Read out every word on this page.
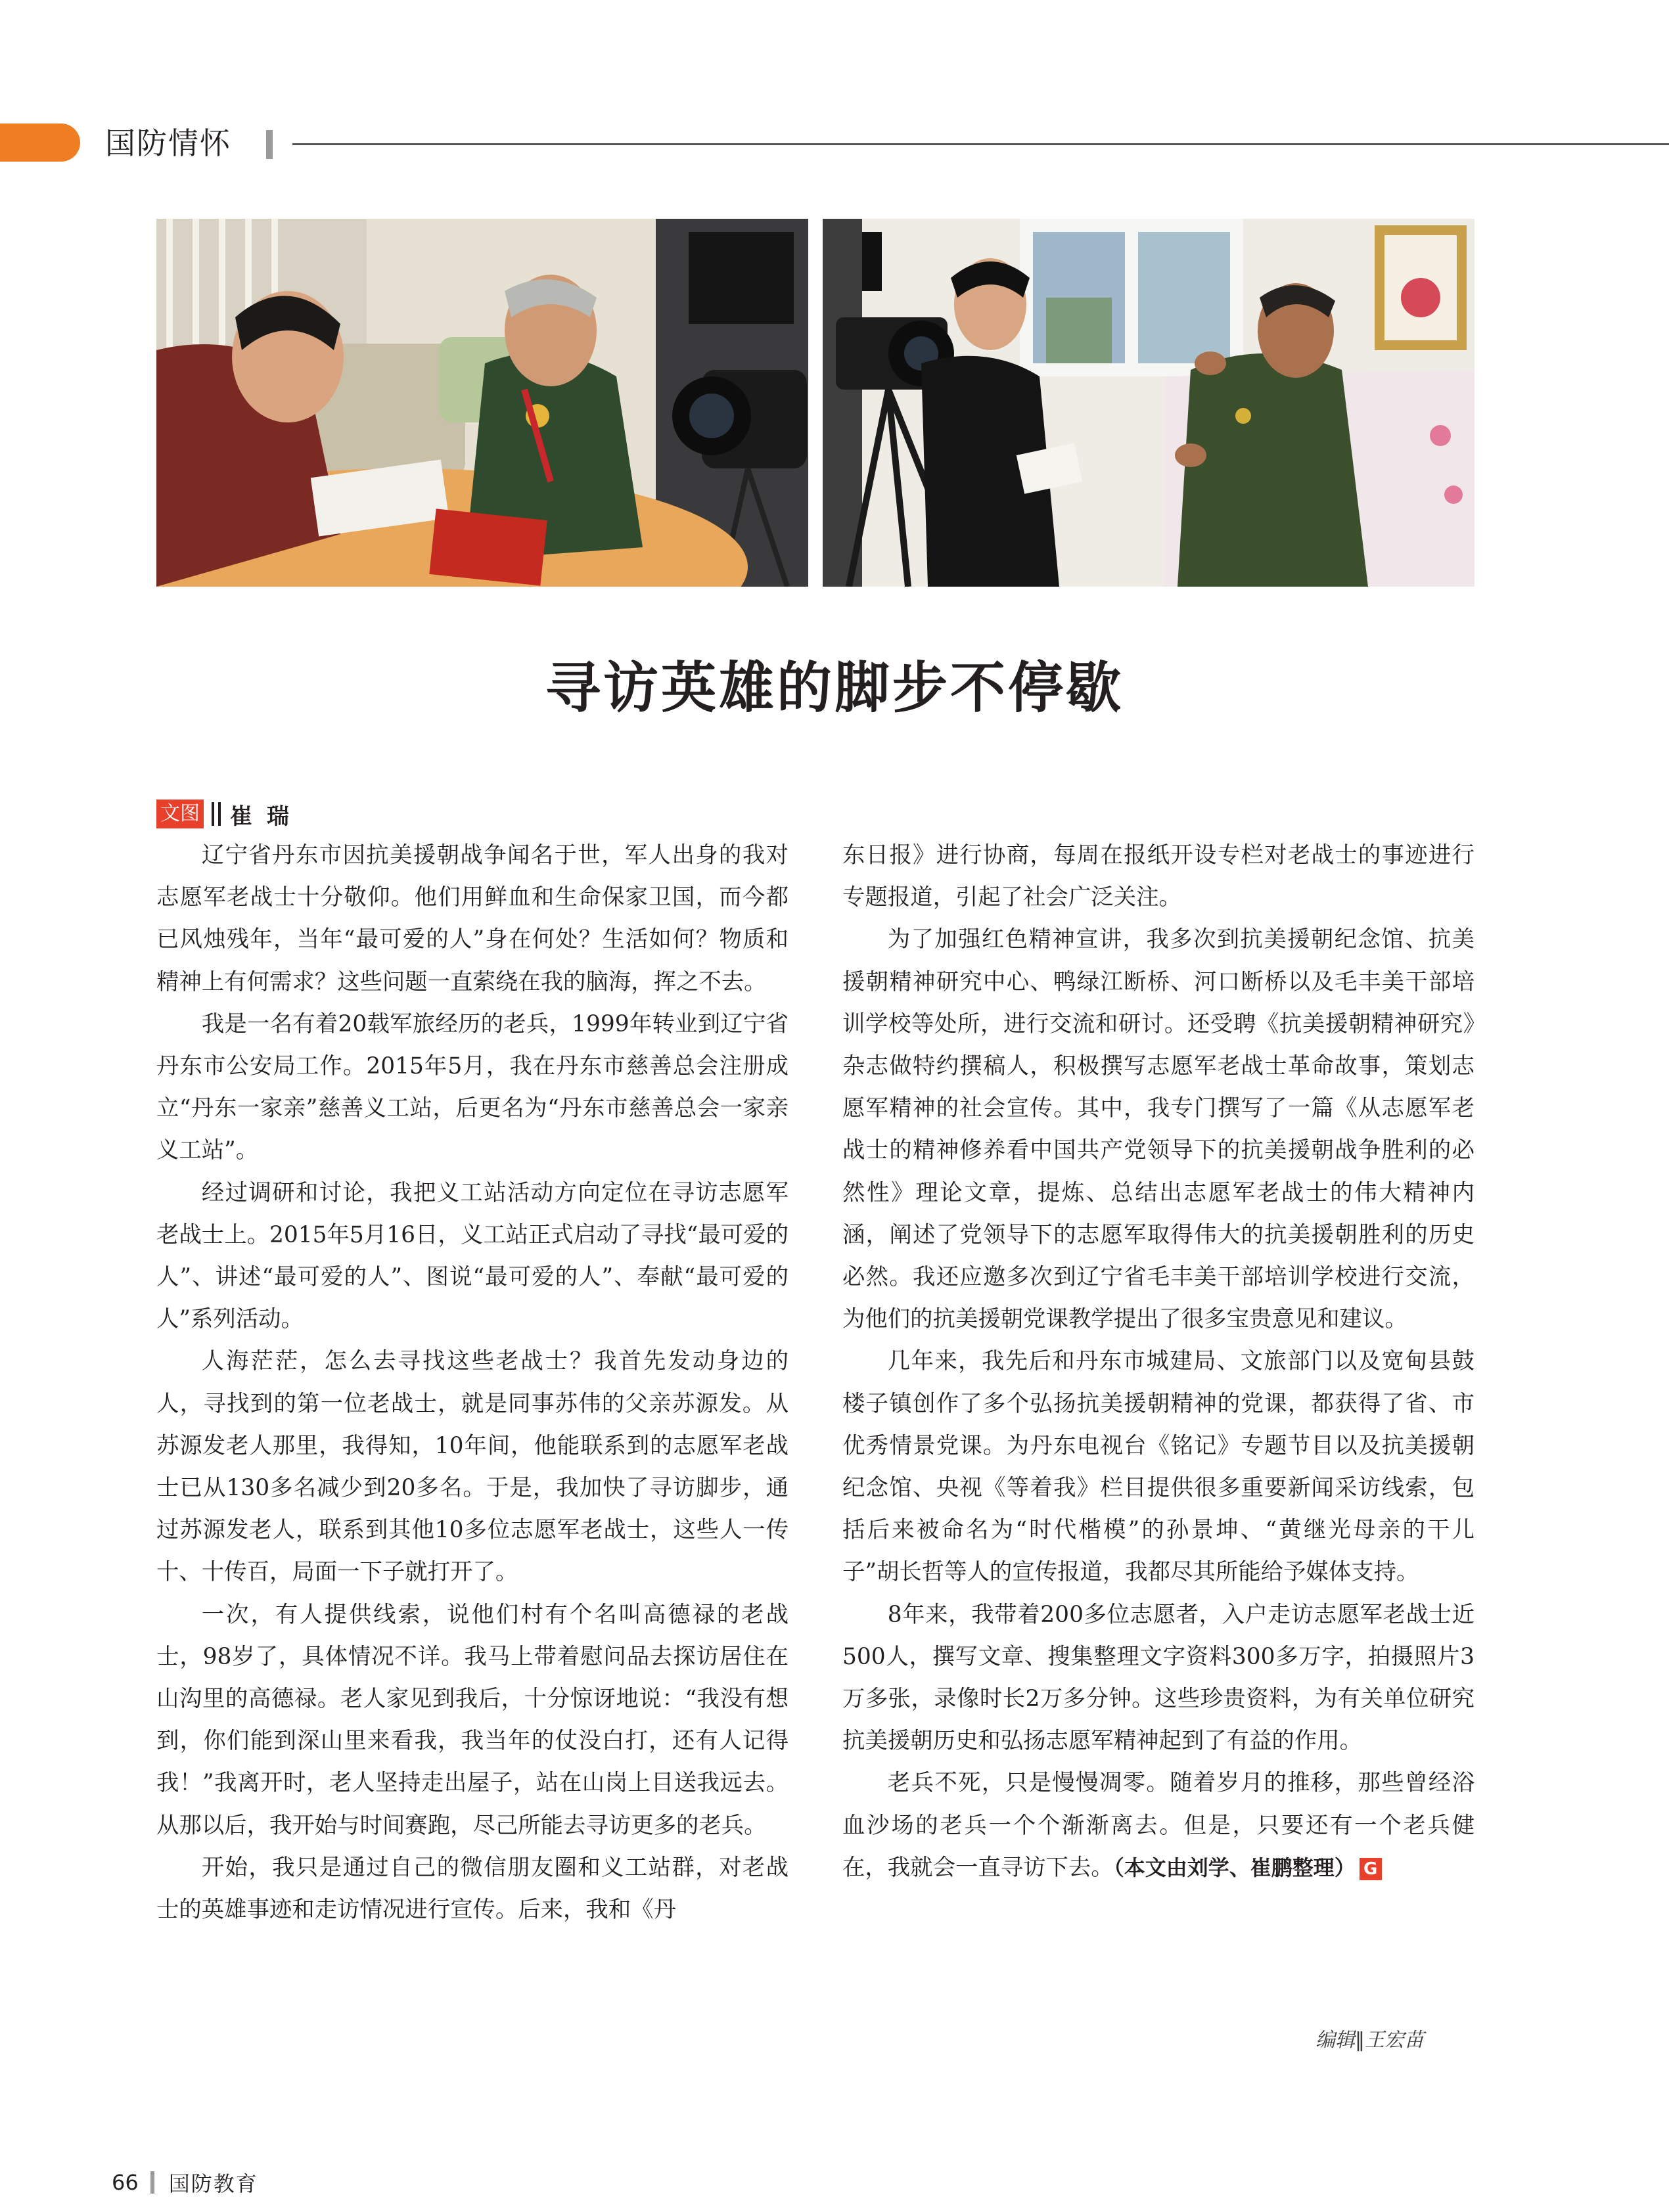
国防情怀
寻访英雄的脚步不停歇
文图 崔瑞

辽宁省丹东市因抗美援朝战争闻名于世，军人出身的我对志愿军老战士十分敬仰。他们用鲜血和生命保家卫国，而今都已风烛残年，当年“最可爱的人”身在何处？生活如何？物质和精神上有何需求？这些问题一直萦绕在我的脑海，挥之不去。

我是一名有着20载军旅经历的老兵，1999年转业到辽宁省丹东市公安局工作。2015年5月，我在丹东市慈善总会注册成立“丹东一家亲”慈善义工站，后更名为“丹东市慈善总会一家亲义工站”。

经过调研和讨论，我把义工站活动方向定位在寻访志愿军老战士上。2015年5月16日，义工站正式启动了寻找“最可爱的人”、讲述“最可爱的人”、图说“最可爱的人”、奉献“最可爱的人”系列活动。

人海茫茫，怎么去寻找这些老战士？我首先发动身边的人，寻找到的第一位老战士，就是同事苏伟的父亲苏源发。从苏源发老人那里，我得知，10年间，他能联系到的志愿军老战士已从130多名减少到20多名。于是，我加快了寻访脚步，通过苏源发老人，联系到其他10多位志愿军老战士，这些人一传十、十传百，局面一下子就打开了。

一次，有人提供线索，说他们村有个名叫高德禄的老战士，98岁了，具体情况不详。我马上带着慰问品去探访居住在山沟里的高德禄。老人家见到我后，十分惊讶地说：“我没有想到，你们能到深山里来看我，我当年的仗没白打，还有人记得我！”我离开时，老人坚持走出屋子，站在山岗上目送我远去。从那以后，我开始与时间赛跑，尽己所能去寻访更多的老兵。

开始，我只是通过自己的微信朋友圈和义工站群，对老战士的英雄事迹和走访情况进行宣传。后来，我和《丹

东日报》进行协商，每周在报纸开设专栏对老战士的事迹进行专题报道，引起了社会广泛关注。

为了加强红色精神宣讲，我多次到抗美援朝纪念馆、抗美援朝精神研究中心、鸭绿江断桥、河口断桥以及毛丰美干部培训学校等处所，进行交流和研讨。还受聘《抗美援朝精神研究》杂志做特约撰稿人，积极撰写志愿军老战士革命故事，策划志愿军精神的社会宣传。其中，我专门撰写了一篇《从志愿军老战士的精神修养看中国共产党领导下的抗美援朝战争胜利的必然性》理论文章，提炼、总结出志愿军老战士的伟大精神内涵，阐述了党领导下的志愿军取得伟大的抗美援朝胜利的历史必然。我还应邀多次到辽宁省毛丰美干部培训学校进行交流，为他们的抗美援朝党课教学提出了很多宝贵意见和建议。

几年来，我先后和丹东市城建局、文旅部门以及宽甸县鼓楼子镇创作了多个弘扬抗美援朝精神的党课，都获得了省、市优秀情景党课。为丹东电视台《铭记》专题节目以及抗美援朝纪念馆、央视《等着我》栏目提供很多重要新闻采访线索，包括后来被命名为“时代楷模”的孙景坤、“黄继光母亲的干儿子”胡长哲等人的宣传报道，我都尽其所能给予媒体支持。

8年来，我带着200多位志愿者，入户走访志愿军老战士近500人，撰写文章、搜集整理文字资料300多万字，拍摄照片3万多张，录像时长2万多分钟。这些珍贵资料，为有关单位研究抗美援朝历史和弘扬志愿军精神起到了有益的作用。

老兵不死，只是慢慢凋零。随着岁月的推移，那些曾经浴血沙场的老兵一个个渐渐离去。但是，只要还有一个老兵健在，我就会一直寻访下去。（本文由刘学、崔鹏整理） G

编辑‖王宏苗
66 国防教育
